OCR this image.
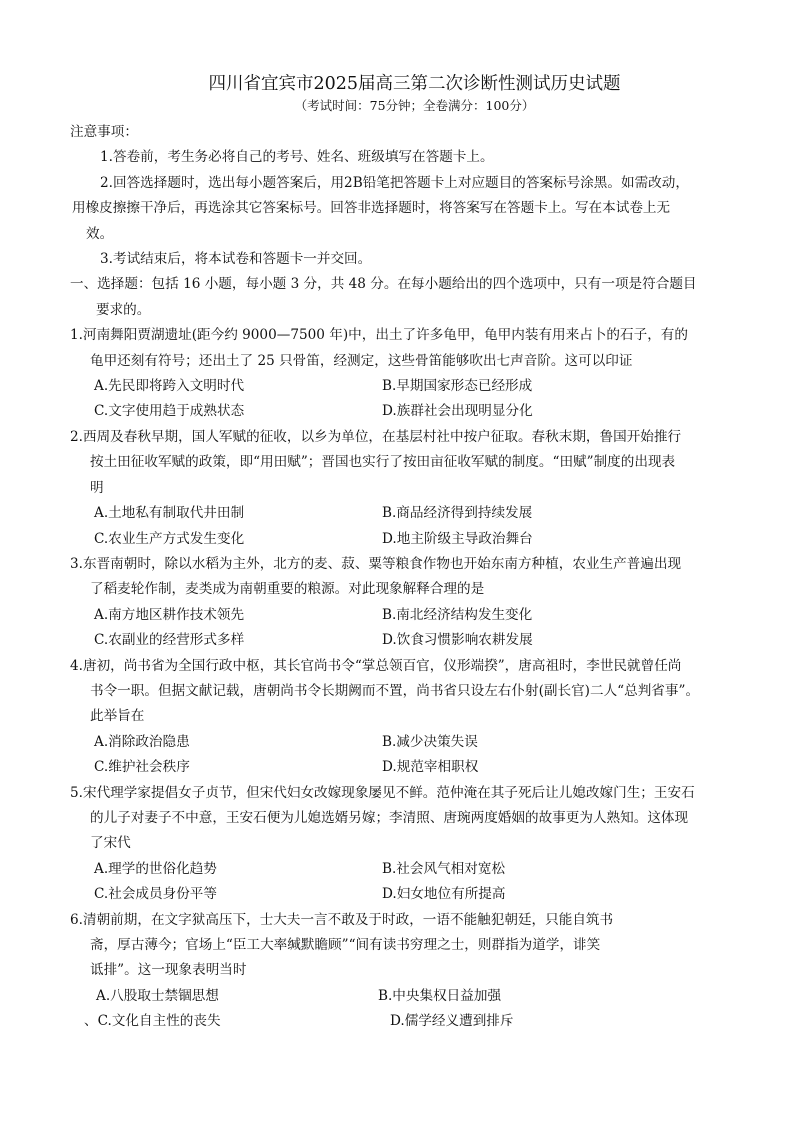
四川省宜宾市2025届高三第二次诊断性测试历史试题
（考试时间：75分钟；全卷满分：100分）

注意事项：

1.答卷前，考生务必将自己的考号、姓名、班级填写在答题卡上。

2.回答选择题时，选出每小题答案后，用2B铅笔把答题卡上对应题目的答案标号涂黑。如需改动，

用橡皮擦擦干净后，再选涂其它答案标号。回答非选择题时，将答案写在答题卡上。写在本试卷上无

效。

3.考试结束后，将本试卷和答题卡一并交回。

一、选择题：包括 16 小题，每小题 3 分，共 48 分。在每小题给出的四个选项中，只有一项是符合题目

要求的。

1.河南舞阳贾湖遗址(距今约 9000—7500 年)中，出土了许多龟甲，龟甲内装有用来占卜的石子，有的

龟甲还刻有符号；还出土了 25 只骨笛，经测定，这些骨笛能够吹出七声音阶。这可以印证

A.先民即将跨入文明时代	B.早期国家形态已经形成
C.文字使用趋于成熟状态	D.族群社会出现明显分化

2.西周及春秋早期，国人军赋的征收，以乡为单位，在基层村社中按户征取。春秋末期，鲁国开始推行

按土田征收军赋的政策，即“用田赋”；晋国也实行了按田亩征收军赋的制度。“田赋”制度的出现表

明

A.土地私有制取代井田制	B.商品经济得到持续发展
C.农业生产方式发生变化	D.地主阶级主导政治舞台

3.东晋南朝时，除以水稻为主外，北方的麦、菽、粟等粮食作物也开始东南方种植，农业生产普遍出现

了稻麦轮作制，麦类成为南朝重要的粮源。对此现象解释合理的是

A.南方地区耕作技术领先	B.南北经济结构发生变化
C.农副业的经营形式多样	D.饮食习惯影响农耕发展

4.唐初，尚书省为全国行政中枢，其长官尚书令“掌总领百官，仪形端揆”，唐高祖时，李世民就曾任尚

书令一职。但据文献记载，唐朝尚书令长期阙而不置，尚书省只设左右仆射(副长官)二人“总判省事”。

此举旨在

A.消除政治隐患	B.减少决策失误
C.维护社会秩序	D.规范宰相职权

5.宋代理学家提倡女子贞节，但宋代妇女改嫁现象屡见不鲜。范仲淹在其子死后让儿媳改嫁门生；王安石

的儿子对妻子不中意，王安石便为儿媳选婿另嫁；李清照、唐琬两度婚姻的故事更为人熟知。这体现

了宋代

A.理学的世俗化趋势	B.社会风气相对宽松
C.社会成员身份平等	D.妇女地位有所提高

6.清朝前期，在文字狱高压下，士大夫一言不敢及于时政，一语不能触犯朝廷，只能自筑书

斋，厚古薄今；官场上“臣工大率缄默瞻顾”“间有读书穷理之士，则群指为道学，诽笑

诋排”。这一现象表明当时

A.八股取士禁锢思想	B.中央集权日益加强
、C.文化自主性的丧失	D.儒学经义遭到排斥
